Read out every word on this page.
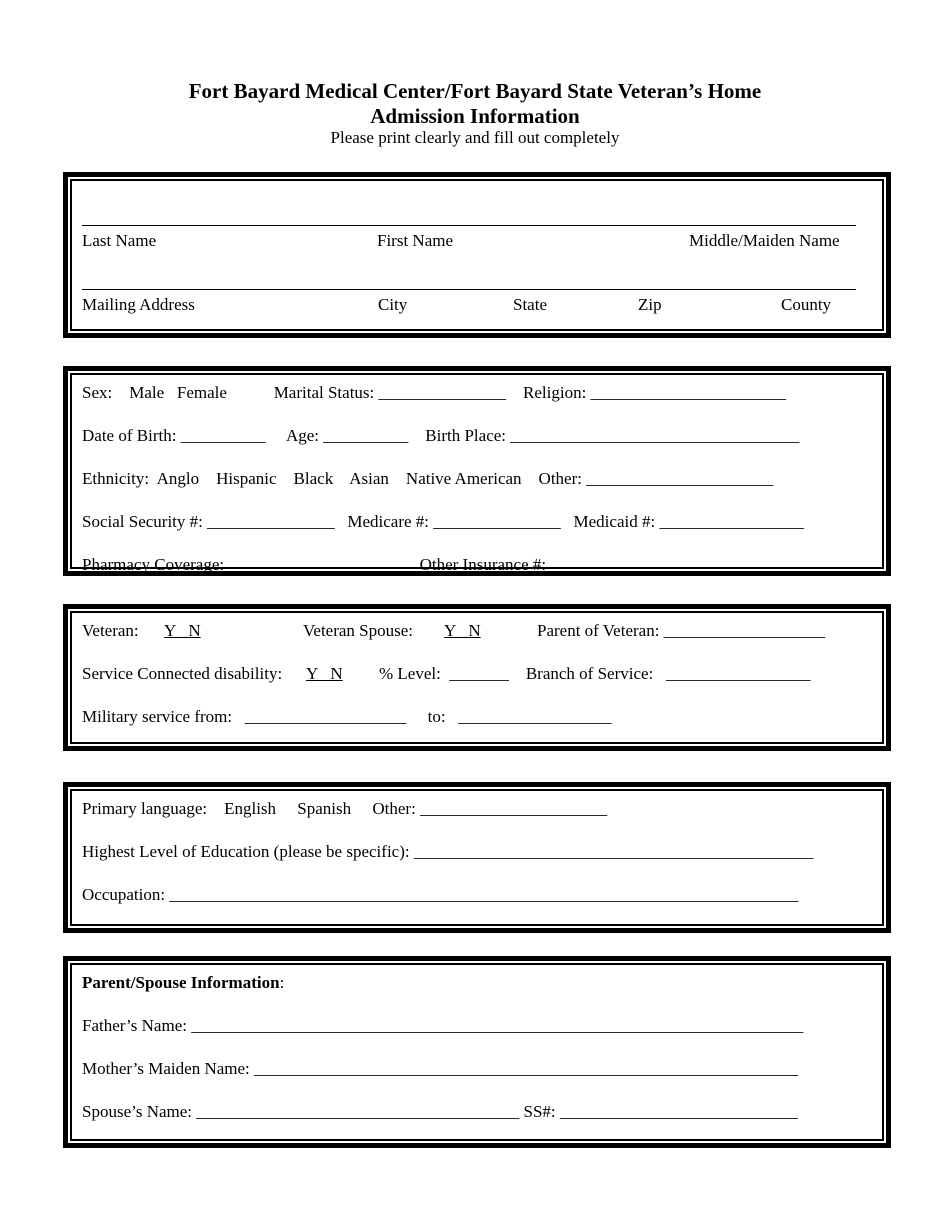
Fort Bayard Medical Center/Fort Bayard State Veteran’s Home
Admission Information
Please print clearly and fill out completely
Last Name	First Name	Middle/Maiden Name
Mailing Address	City	State	Zip	County
Sex:    Male   Female           Marital Status: _______________    Religion: _______________________
Date of Birth: __________     Age: __________    Birth Place: __________________________________
Ethnicity:  Anglo    Hispanic    Black    Asian    Native American    Other: ______________________
Social Security #: _______________   Medicare #: _______________   Medicaid #: _________________
Pharmacy Coverage: _____________________   Other Insurance #: ______________________________
Veteran: Y   N	Veteran Spouse: Y   N	Parent of Veteran: ___________________
Service Connected disability: Y   N % Level:  _______    Branch of Service:   _________________
Military service from:   ___________________     to:   __________________
Primary language:    English     Spanish     Other: ______________________
Highest Level of Education (please be specific): _______________________________________________
Occupation: __________________________________________________________________________
Parent/Spouse Information:
Father’s Name: ________________________________________________________________________
Mother’s Maiden Name: ________________________________________________________________
Spouse’s Name: ______________________________________ SS#: ____________________________
